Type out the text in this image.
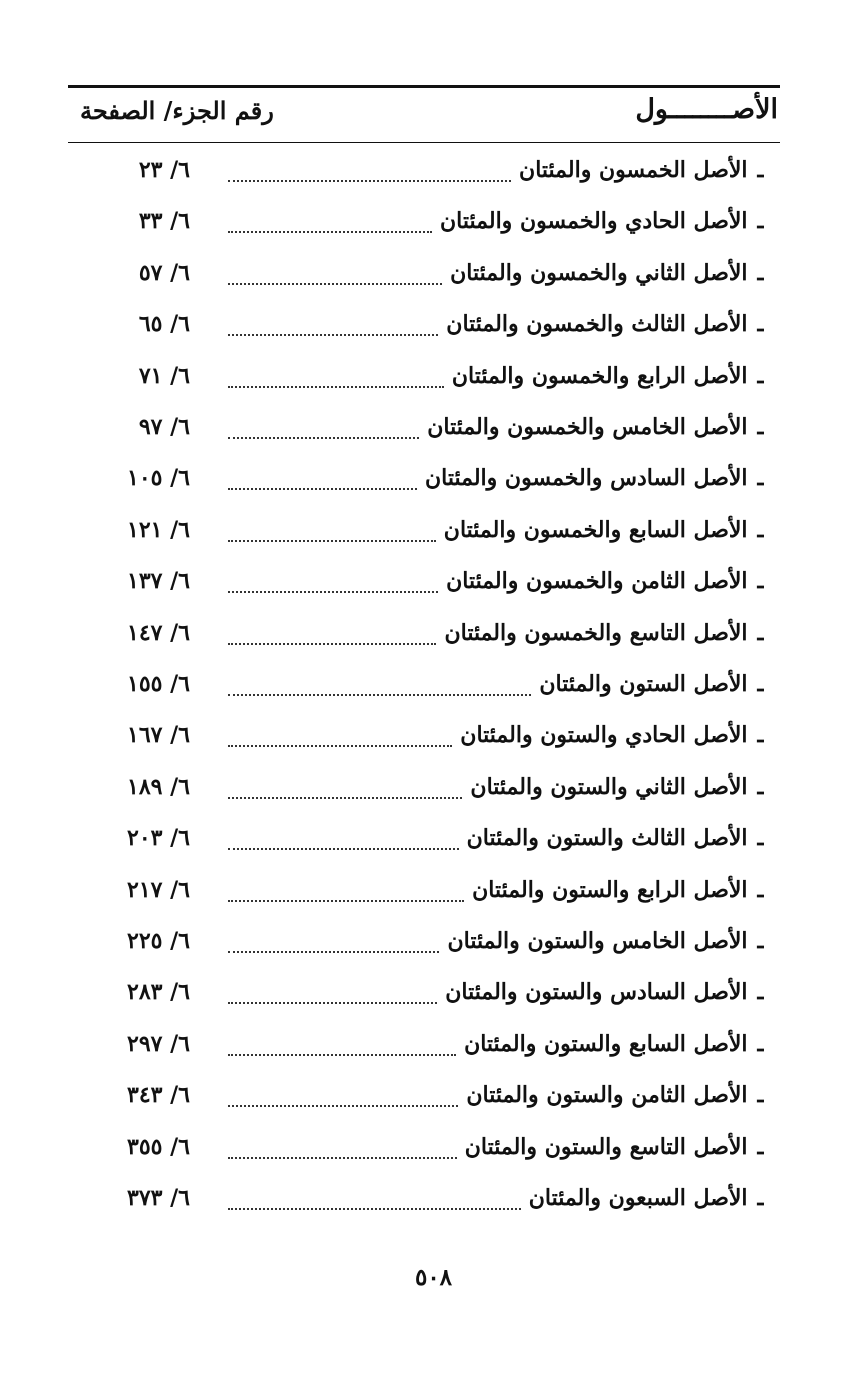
الأصــــــــول
رقم الجزء/ الصفحة
ـ
الأصل الخمسون والمئتان
٦/ ٢٣
ـ
الأصل الحادي والخمسون والمئتان
٦/ ٣٣
ـ
الأصل الثاني والخمسون والمئتان
٦/ ٥٧
ـ
الأصل الثالث والخمسون والمئتان
٦/ ٦٥
ـ
الأصل الرابع والخمسون والمئتان
٦/ ٧١
ـ
الأصل الخامس والخمسون والمئتان
٦/ ٩٧
ـ
الأصل السادس والخمسون والمئتان
٦/ ١٠٥
ـ
الأصل السابع والخمسون والمئتان
٦/ ١٢١
ـ
الأصل الثامن والخمسون والمئتان
٦/ ١٣٧
ـ
الأصل التاسع والخمسون والمئتان
٦/ ١٤٧
ـ
الأصل الستون والمئتان
٦/ ١٥٥
ـ
الأصل الحادي والستون والمئتان
٦/ ١٦٧
ـ
الأصل الثاني والستون والمئتان
٦/ ١٨٩
ـ
الأصل الثالث والستون والمئتان
٦/ ٢٠٣
ـ
الأصل الرابع والستون والمئتان
٦/ ٢١٧
ـ
الأصل الخامس والستون والمئتان
٦/ ٢٢٥
ـ
الأصل السادس والستون والمئتان
٦/ ٢٨٣
ـ
الأصل السابع والستون والمئتان
٦/ ٢٩٧
ـ
الأصل الثامن والستون والمئتان
٦/ ٣٤٣
ـ
الأصل التاسع والستون والمئتان
٦/ ٣٥٥
ـ
الأصل السبعون والمئتان
٦/ ٣٧٣
٥٠٨
